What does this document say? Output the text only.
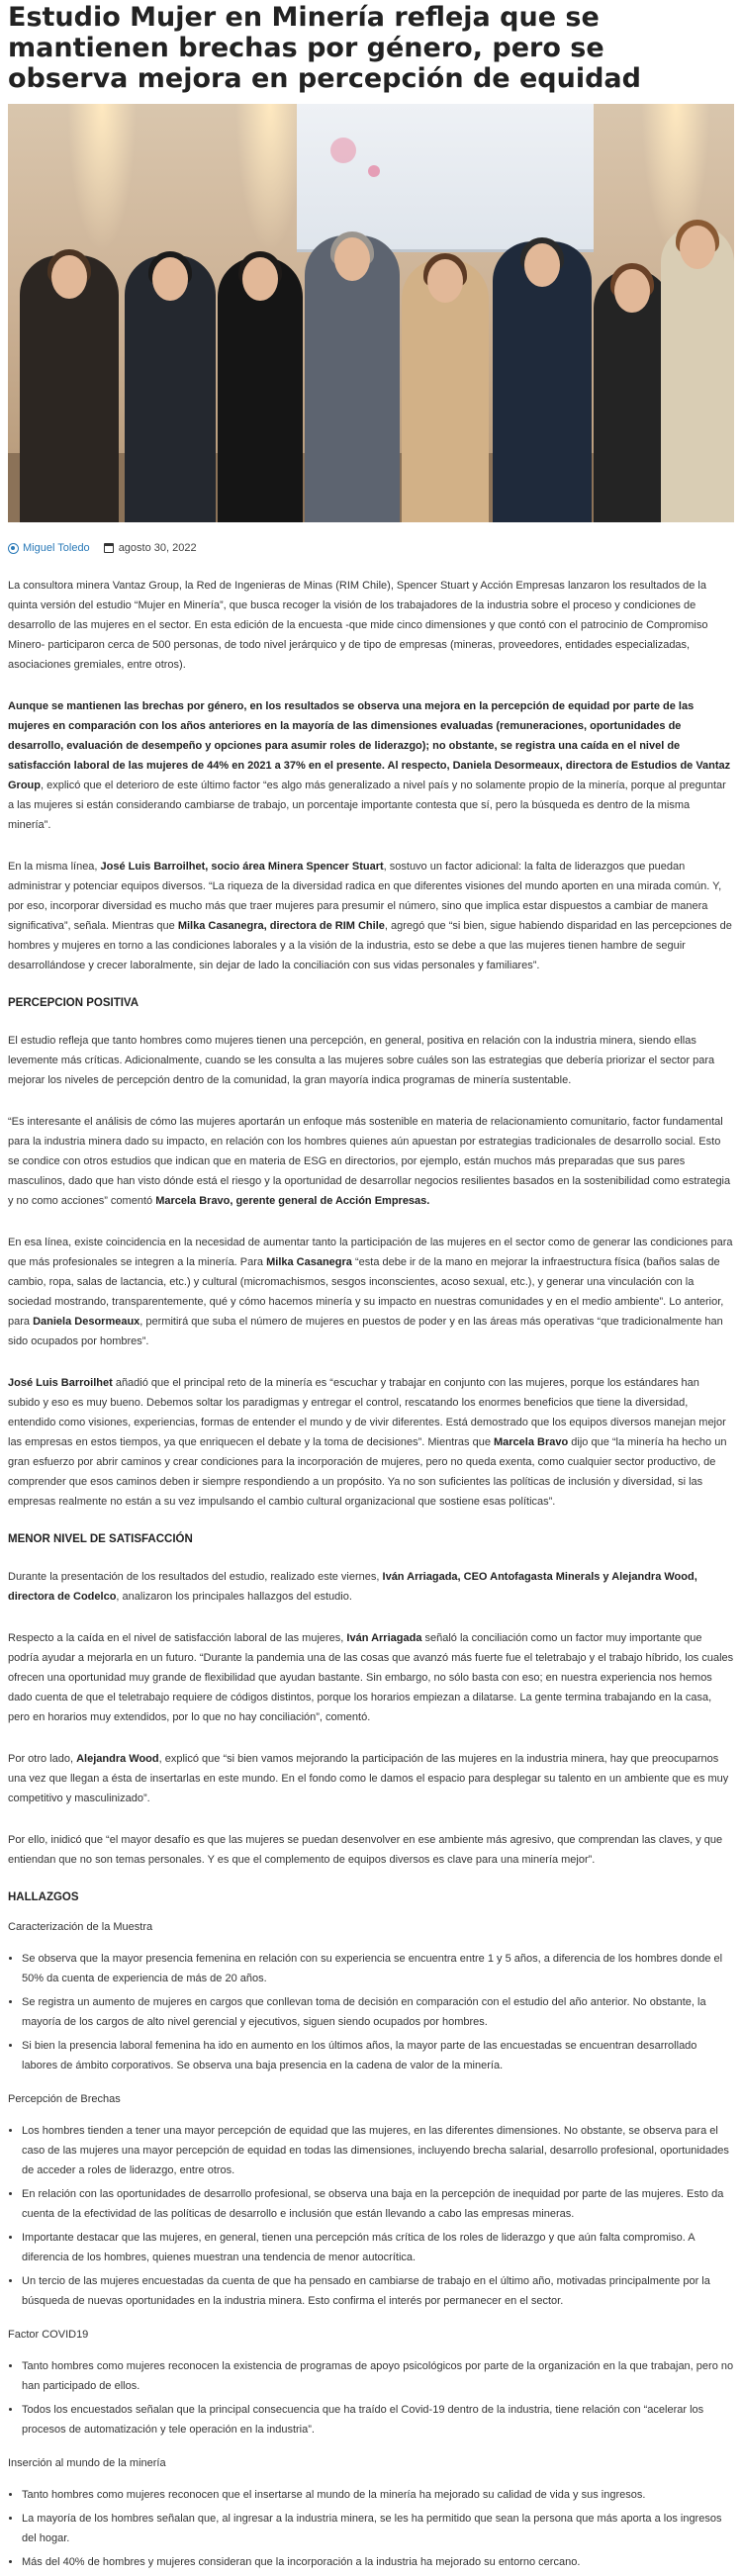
Estudio Mujer en Minería refleja que se mantienen brechas por género, pero se observa mejora en percepción de equidad
Miguel Toledo	agosto 30, 2022

La consultora minera Vantaz Group, la Red de Ingenieras de Minas (RIM Chile), Spencer Stuart y Acción Empresas lanzaron los resultados de la quinta versión del estudio “Mujer en Minería”, que busca recoger la visión de los trabajadores de la industria sobre el proceso y condiciones de desarrollo de las mujeres en el sector. En esta edición de la encuesta -que mide cinco dimensiones y que contó con el patrocinio de Compromiso Minero- participaron cerca de 500 personas, de todo nivel jerárquico y de tipo de empresas (mineras, proveedores, entidades especializadas, asociaciones gremiales, entre otros).

Aunque se mantienen las brechas por género, en los resultados se observa una mejora en la percepción de equidad por parte de las mujeres en comparación con los años anteriores en la mayoría de las dimensiones evaluadas (remuneraciones, oportunidades de desarrollo, evaluación de desempeño y opciones para asumir roles de liderazgo); no obstante, se registra una caída en el nivel de satisfacción laboral de las mujeres de 44% en 2021 a 37% en el presente. Al respecto, Daniela Desormeaux, directora de Estudios de Vantaz Group, explicó que el deterioro de este último factor “es algo más generalizado a nivel país y no solamente propio de la minería, porque al preguntar a las mujeres si están considerando cambiarse de trabajo, un porcentaje importante contesta que sí, pero la búsqueda es dentro de la misma minería”.

En la misma línea, José Luis Barroilhet, socio área Minera Spencer Stuart, sostuvo un factor adicional: la falta de liderazgos que puedan administrar y potenciar equipos diversos. “La riqueza de la diversidad radica en que diferentes visiones del mundo aporten en una mirada común. Y, por eso, incorporar diversidad es mucho más que traer mujeres para presumir el número, sino que implica estar dispuestos a cambiar de manera significativa”, señala. Mientras que Milka Casanegra, directora de RIM Chile, agregó que “si bien, sigue habiendo disparidad en las percepciones de hombres y mujeres en torno a las condiciones laborales y a la visión de la industria, esto se debe a que las mujeres tienen hambre de seguir desarrollándose y crecer laboralmente, sin dejar de lado la conciliación con sus vidas personales y familiares”.

PERCEPCION POSITIVA

El estudio refleja que tanto hombres como mujeres tienen una percepción, en general, positiva en relación con la industria minera, siendo ellas levemente más críticas. Adicionalmente, cuando se les consulta a las mujeres sobre cuáles son las estrategias que debería priorizar el sector para mejorar los niveles de percepción dentro de la comunidad, la gran mayoría indica programas de minería sustentable.

“Es interesante el análisis de cómo las mujeres aportarán un enfoque más sostenible en materia de relacionamiento comunitario, factor fundamental para la industria minera dado su impacto, en relación con los hombres quienes aún apuestan por estrategias tradicionales de desarrollo social. Esto se condice con otros estudios que indican que en materia de ESG en directorios, por ejemplo, están muchos más preparadas que sus pares masculinos, dado que han visto dónde está el riesgo y la oportunidad de desarrollar negocios resilientes basados en la sostenibilidad como estrategia y no como acciones” comentó Marcela Bravo, gerente general de Acción Empresas.

En esa línea, existe coincidencia en la necesidad de aumentar tanto la participación de las mujeres en el sector como de generar las condiciones para que más profesionales se integren a la minería. Para Milka Casanegra “esta debe ir de la mano en mejorar la infraestructura física (baños salas de cambio, ropa, salas de lactancia, etc.) y cultural (micromachismos, sesgos inconscientes, acoso sexual, etc.), y generar una vinculación con la sociedad mostrando, transparentemente, qué y cómo hacemos minería y su impacto en nuestras comunidades y en el medio ambiente”. Lo anterior, para Daniela Desormeaux, permitirá que suba el número de mujeres en puestos de poder y en las áreas más operativas “que tradicionalmente han sido ocupados por hombres”.

José Luis Barroilhet añadió que el principal reto de la minería es “escuchar y trabajar en conjunto con las mujeres, porque los estándares han subido y eso es muy bueno. Debemos soltar los paradigmas y entregar el control, rescatando los enormes beneficios que tiene la diversidad, entendido como visiones, experiencias, formas de entender el mundo y de vivir diferentes. Está demostrado que los equipos diversos manejan mejor las empresas en estos tiempos, ya que enriquecen el debate y la toma de decisiones”. Mientras que Marcela Bravo dijo que “la minería ha hecho un gran esfuerzo por abrir caminos y crear condiciones para la incorporación de mujeres, pero no queda exenta, como cualquier sector productivo, de comprender que esos caminos deben ir siempre respondiendo a un propósito. Ya no son suficientes las políticas de inclusión y diversidad, si las empresas realmente no están a su vez impulsando el cambio cultural organizacional que sostiene esas políticas”.

MENOR NIVEL DE SATISFACCIÓN

Durante la presentación de los resultados del estudio, realizado este viernes, Iván Arriagada, CEO Antofagasta Minerals y Alejandra Wood, directora de Codelco, analizaron los principales hallazgos del estudio.

Respecto a la caída en el nivel de satisfacción laboral de las mujeres, Iván Arriagada señaló la conciliación como un factor muy importante que podría ayudar a mejorarla en un futuro. “Durante la pandemia una de las cosas que avanzó más fuerte fue el teletrabajo y el trabajo híbrido, los cuales ofrecen una oportunidad muy grande de flexibilidad que ayudan bastante. Sin embargo, no sólo basta con eso; en nuestra experiencia nos hemos dado cuenta de que el teletrabajo requiere de códigos distintos, porque los horarios empiezan a dilatarse. La gente termina trabajando en la casa, pero en horarios muy extendidos, por lo que no hay conciliación”, comentó.

Por otro lado, Alejandra Wood, explicó que “si bien vamos mejorando la participación de las mujeres en la industria minera, hay que preocuparnos una vez que llegan a ésta de insertarlas en este mundo. En el fondo como le damos el espacio para desplegar su talento en un ambiente que es muy competitivo y masculinizado”.

Por ello, inidicó que “el mayor desafío es que las mujeres se puedan desenvolver en ese ambiente más agresivo, que comprendan las claves, y que entiendan que no son temas personales. Y es que el complemento de equipos diversos es clave para una minería mejor”.

HALLAZGOS
Caracterización de la Muestra
• Se observa que la mayor presencia femenina en relación con su experiencia se encuentra entre 1 y 5 años, a diferencia de los hombres donde el 50% da cuenta de experiencia de más de 20 años.
• Se registra un aumento de mujeres en cargos que conllevan toma de decisión en comparación con el estudio del año anterior. No obstante, la mayoría de los cargos de alto nivel gerencial y ejecutivos, siguen siendo ocupados por hombres.
• Si bien la presencia laboral femenina ha ido en aumento en los últimos años, la mayor parte de las encuestadas se encuentran desarrollado labores de ámbito corporativos. Se observa una baja presencia en la cadena de valor de la minería.
Percepción de Brechas
• Los hombres tienden a tener una mayor percepción de equidad que las mujeres, en las diferentes dimensiones. No obstante, se observa para el caso de las mujeres una mayor percepción de equidad en todas las dimensiones, incluyendo brecha salarial, desarrollo profesional, oportunidades de acceder a roles de liderazgo, entre otros.
• En relación con las oportunidades de desarrollo profesional, se observa una baja en la percepción de inequidad por parte de las mujeres. Esto da cuenta de la efectividad de las políticas de desarrollo e inclusión que están llevando a cabo las empresas mineras.
• Importante destacar que las mujeres, en general, tienen una percepción más crítica de los roles de liderazgo y que aún falta compromiso. A diferencia de los hombres, quienes muestran una tendencia de menor autocrítica.
• Un tercio de las mujeres encuestadas da cuenta de que ha pensado en cambiarse de trabajo en el último año, motivadas principalmente por la búsqueda de nuevas oportunidades en la industria minera. Esto confirma el interés por permanecer en el sector.
Factor COVID19
• Tanto hombres como mujeres reconocen la existencia de programas de apoyo psicológicos por parte de la organización en la que trabajan, pero no han participado de ellos.
• Todos los encuestados señalan que la principal consecuencia que ha traído el Covid-19 dentro de la industria, tiene relación con “acelerar los procesos de automatización y tele operación en la industria”.
Inserción al mundo de la minería
• Tanto hombres como mujeres reconocen que el insertarse al mundo de la minería ha mejorado su calidad de vida y sus ingresos.
• La mayoría de los hombres señalan que, al ingresar a la industria minera, se les ha permitido que sean la persona que más aporta a los ingresos del hogar.
• Más del 40% de hombres y mujeres consideran que la incorporación a la industria ha mejorado su entorno cercano.
